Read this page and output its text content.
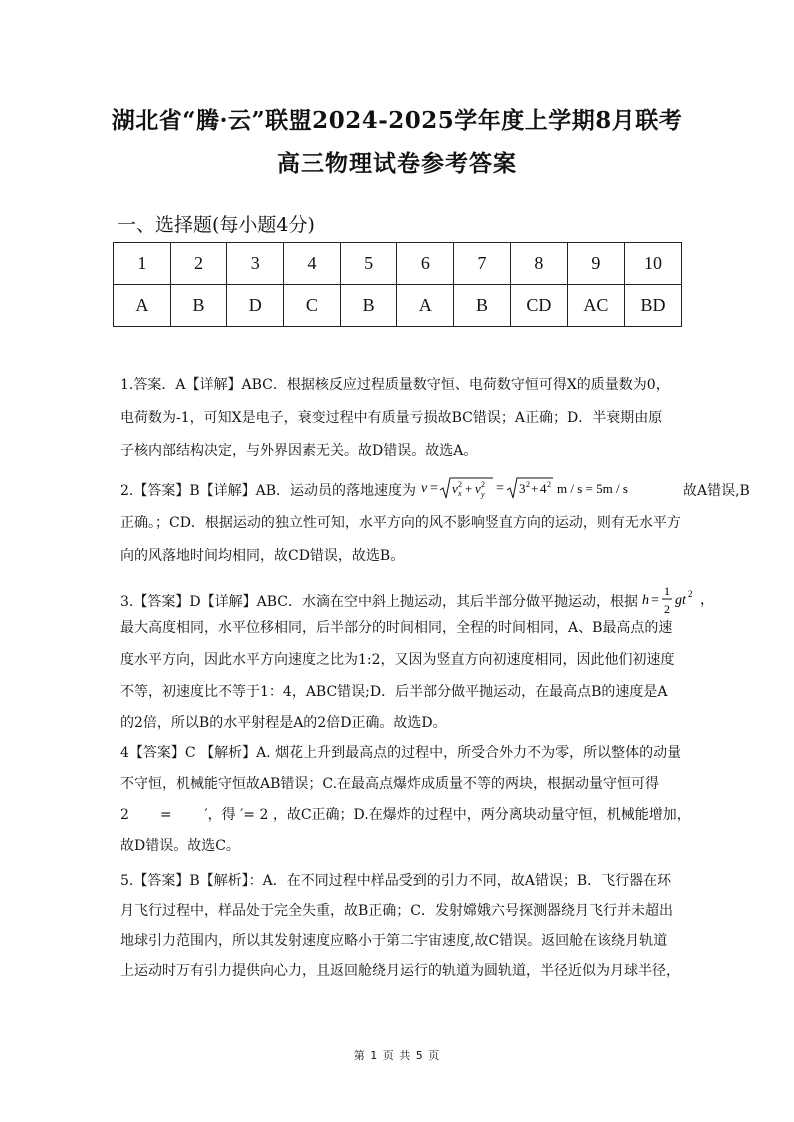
湖北省“腾·云”联盟2024-2025学年度上学期8月联考
高三物理试卷参考答案
一、选择题(每小题4分)
1	2	3	4	5	6	7	8	9	10
A	B	D	C	B	A	B	CD	AC	BD
1.答案．A【详解】ABC．根据核反应过程质量数守恒、电荷数守恒可得X的质量数为0，
电荷数为-1，可知X是电子，衰变过程中有质量亏损故BC错误；A正确；D．半衰期由原
子核内部结构决定，与外界因素无关。故D错误。故选A。
2.【答案】B【详解】AB．运动员的落地速度为 v = v x
2 + v y
2 = 3 2 + 4 2 m / s = 5m / s	故A错误,B
正确。；CD．根据运动的独立性可知，水平方向的风不影响竖直方向的运动，则有无水平方
向的风落地时间均相同，故CD错误，故选B。
3.【答案】D【详解】ABC．水滴在空中斜上抛运动，其后半部分做平抛运动，根据 h =
1
2
gt 2 ，
最大高度相同，水平位移相同，后半部分的时间相同，全程的时间相同，A、B最高点的速
度水平方向，因此水平方向速度之比为1:2，又因为竖直方向初速度相同，因此他们初速度
不等，初速度比不等于1：4，ABC错误;D．后半部分做平抛运动，在最高点B的速度是A
的2倍，所以B的水平射程是A的2倍D正确。故选D。
4【答案】C 【解析】A. 烟花上升到最高点的过程中，所受合外力不为零，所以整体的动量
不守恒，机械能守恒故AB错误；C.在最高点爆炸成质量不等的两块，根据动量守恒可得
2 = ′，得 ′= 2 ，故C正确；D.在爆炸的过程中，两分离块动量守恒，机械能增加，
故D错误。故选C。
5.【答案】B【解析】：A．在不同过程中样品受到的引力不同，故A错误；B．飞行器在环
月飞行过程中，样品处于完全失重，故B正确；C．发射嫦娥六号探测器绕月飞行并未超出
地球引力范围内，所以其发射速度应略小于第二宇宙速度,故C错误。返回舱在该绕月轨道
上运动时万有引力提供向心力，且返回舱绕月运行的轨道为圆轨道，半径近似为月球半径，
第 1 页 共 5 页
